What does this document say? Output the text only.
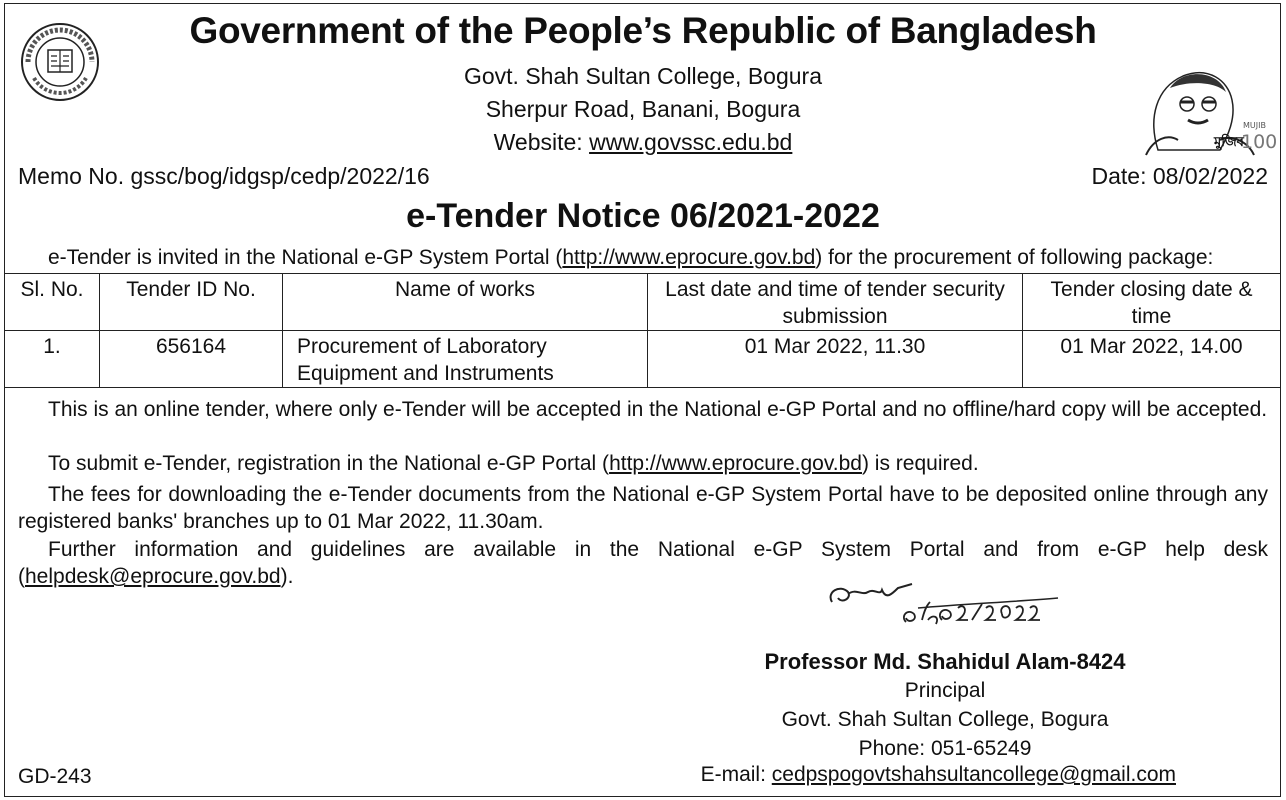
মুজিব
MUJIB
100
Government of the People’s Republic of Bangladesh
Govt. Shah Sultan College, Bogura
Sherpur Road, Banani, Bogura
Website: www.govssc.edu.bd
Memo No. gssc/bog/idgsp/cedp/2022/16	Date: 08/02/2022
e-Tender Notice 06/2021-2022
e-Tender is invited in the National e-GP System Portal (http://www.eprocure.gov.bd) for the procurement of following package:
Sl. No.	Tender ID No.	Name of works	Last date and time of tender security submission	Tender closing date & time
1.	656164	Procurement of Laboratory Equipment and Instruments	01 Mar 2022, 11.30	01 Mar 2022, 14.00
This is an online tender, where only e-Tender will be accepted in the National e-GP Portal and no offline/hard copy will be accepted.
To submit e-Tender, registration in the National e-GP Portal (http://www.eprocure.gov.bd) is required.
The fees for downloading the e-Tender documents from the National e-GP System Portal have to be deposited online through any registered banks' branches up to 01 Mar 2022, 11.30am.
Further information and guidelines are available in the National e-GP System Portal and from e-GP help desk (helpdesk@eprocure.gov.bd).
Professor Md. Shahidul Alam-8424
Principal
Govt. Shah Sultan College, Bogura
Phone: 051-65249
GD-243	E-mail: cedpspogovtshahsultancollege@gmail.com
